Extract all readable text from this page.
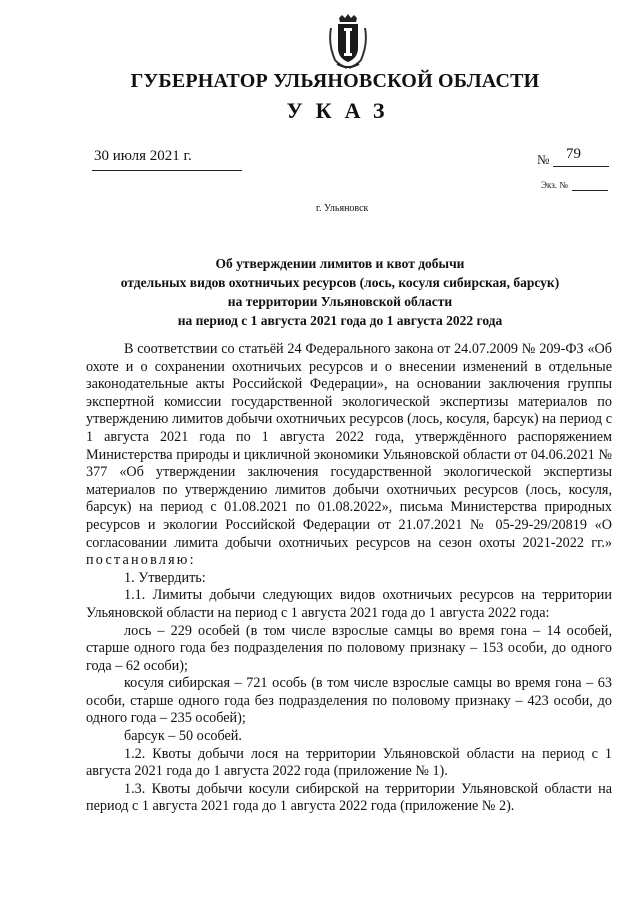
ГУБЕРНАТОР УЛЬЯНОВСКОЙ ОБЛАСТИ
УКАЗ
30 июля 2021 г.	№ 79
Экз. №
г. Ульяновск
Об утверждении лимитов и квот добычи
отдельных видов охотничьих ресурсов (лось, косуля сибирская, барсук)
на территории Ульяновской области
на период с 1 августа 2021 года до 1 августа 2022 года

В соответствии со статьёй 24 Федерального закона от 24.07.2009 № 209-ФЗ «Об охоте и о сохранении охотничьих ресурсов и о внесении изменений в отдельные законодательные акты Российской Федерации», на основании заключения группы экспертной комиссии государственной экологической экспертизы материалов по утверждению лимитов добычи охотничьих ресурсов (лось, косуля, барсук) на период с 1 августа 2021 года по 1 августа 2022 года, утверждённого распоряжением Министерства природы и цикличной экономики Ульяновской области от 04.06.2021 № 377 «Об утверждении заключения государственной экологической экспертизы материалов по утверждению лимитов добычи охотничьих ресурсов (лось, косуля, барсук) на период с 01.08.2021 по 01.08.2022», письма Министерства природных ресурсов и экологии Российской Федерации от 21.07.2021 № 05-29-29/20819 «О согласовании лимита добычи охотничьих ресурсов на сезон охоты 2021-2022 гг.» постановляю:

1. Утвердить:

1.1. Лимиты добычи следующих видов охотничьих ресурсов на территории Ульяновской области на период с 1 августа 2021 года до 1 августа 2022 года:

лось – 229 особей (в том числе взрослые самцы во время гона – 14 особей, старше одного года без подразделения по половому признаку – 153 особи, до одного года – 62 особи);

косуля сибирская – 721 особь (в том числе взрослые самцы во время гона – 63 особи, старше одного года без подразделения по половому признаку – 423 особи, до одного года – 235 особей);

барсук – 50 особей.

1.2. Квоты добычи лося на территории Ульяновской области на период с 1 августа 2021 года до 1 августа 2022 года (приложение № 1).

1.3. Квоты добычи косули сибирской на территории Ульяновской области на период с 1 августа 2021 года до 1 августа 2022 года (приложение № 2).
